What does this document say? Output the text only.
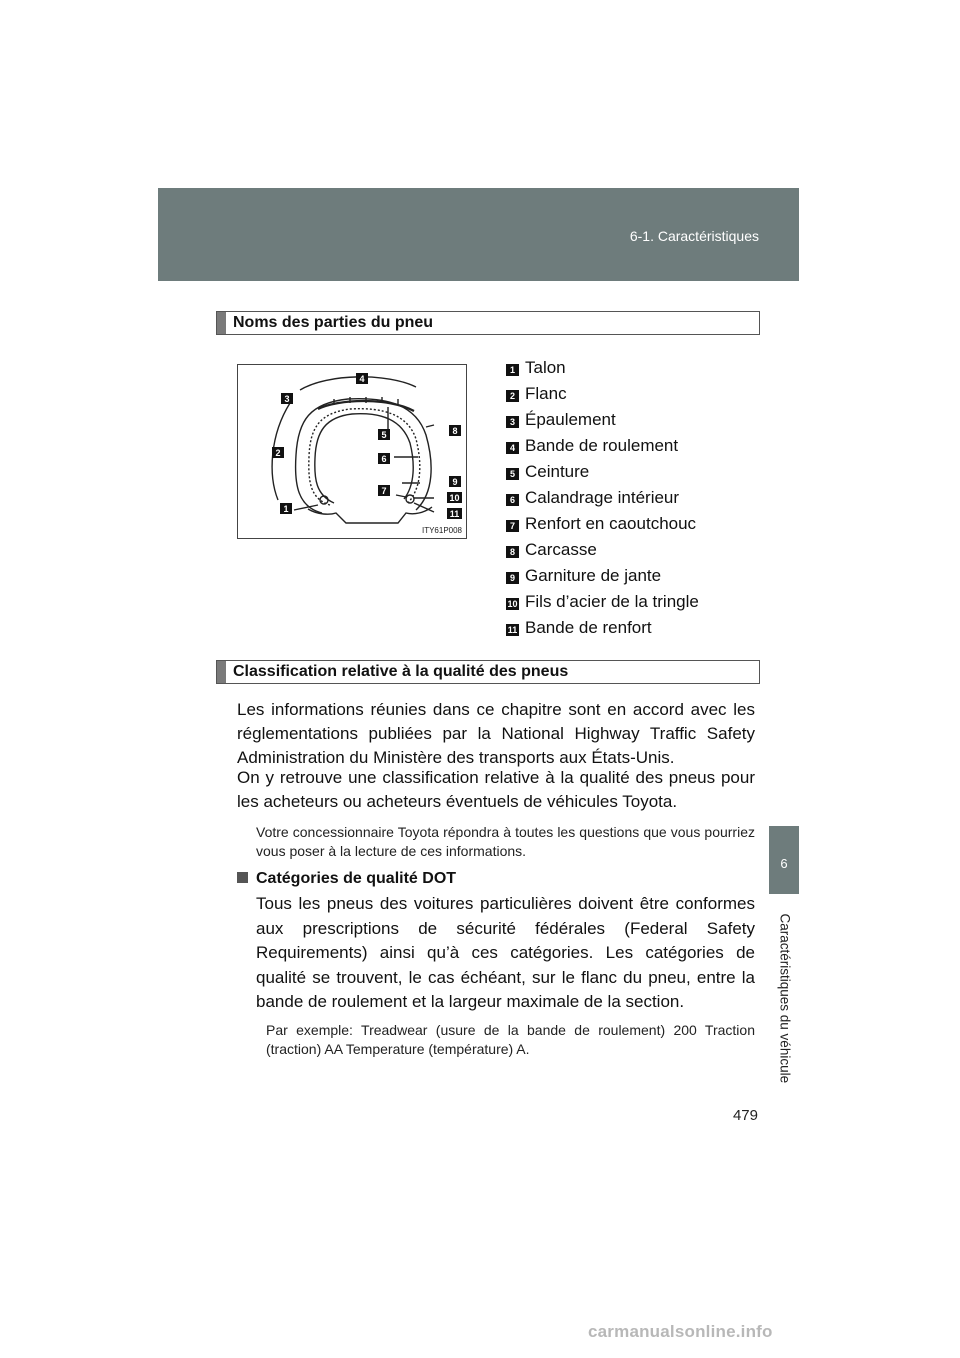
6-1. Caractéristiques
6
Caractéristiques du véhicule
Noms des parties du pneu
1
2
3
4
5
6
7
8
9
10
11
ITY61P008
1 Talon
2 Flanc
3 Épaulement
4 Bande de roulement
5 Ceinture
6 Calandrage intérieur
7 Renfort en caoutchouc
8 Carcasse
9 Garniture de jante
10 Fils d’acier de la tringle
11 Bande de renfort
Classification relative à la qualité des pneus
Les informations réunies dans ce chapitre sont en accord avec les réglementations publiées par la National Highway Traffic Safety Administration du Ministère des transports aux États-Unis.
On y retrouve une classification relative à la qualité des pneus pour les acheteurs ou acheteurs éventuels de véhicules Toyota.
Votre concessionnaire Toyota répondra à toutes les questions que vous pourriez vous poser à la lecture de ces informations.
Catégories de qualité DOT
Tous les pneus des voitures particulières doivent être conformes aux prescriptions de sécurité fédérales (Federal Safety Requirements) ainsi qu’à ces catégories. Les catégories de qualité se trouvent, le cas échéant, sur le flanc du pneu, entre la bande de roulement et la largeur maximale de la section.
Par exemple: Treadwear (usure de la bande de roulement) 200 Traction (traction) AA Temperature (température) A.
479
carmanualsonline.info
